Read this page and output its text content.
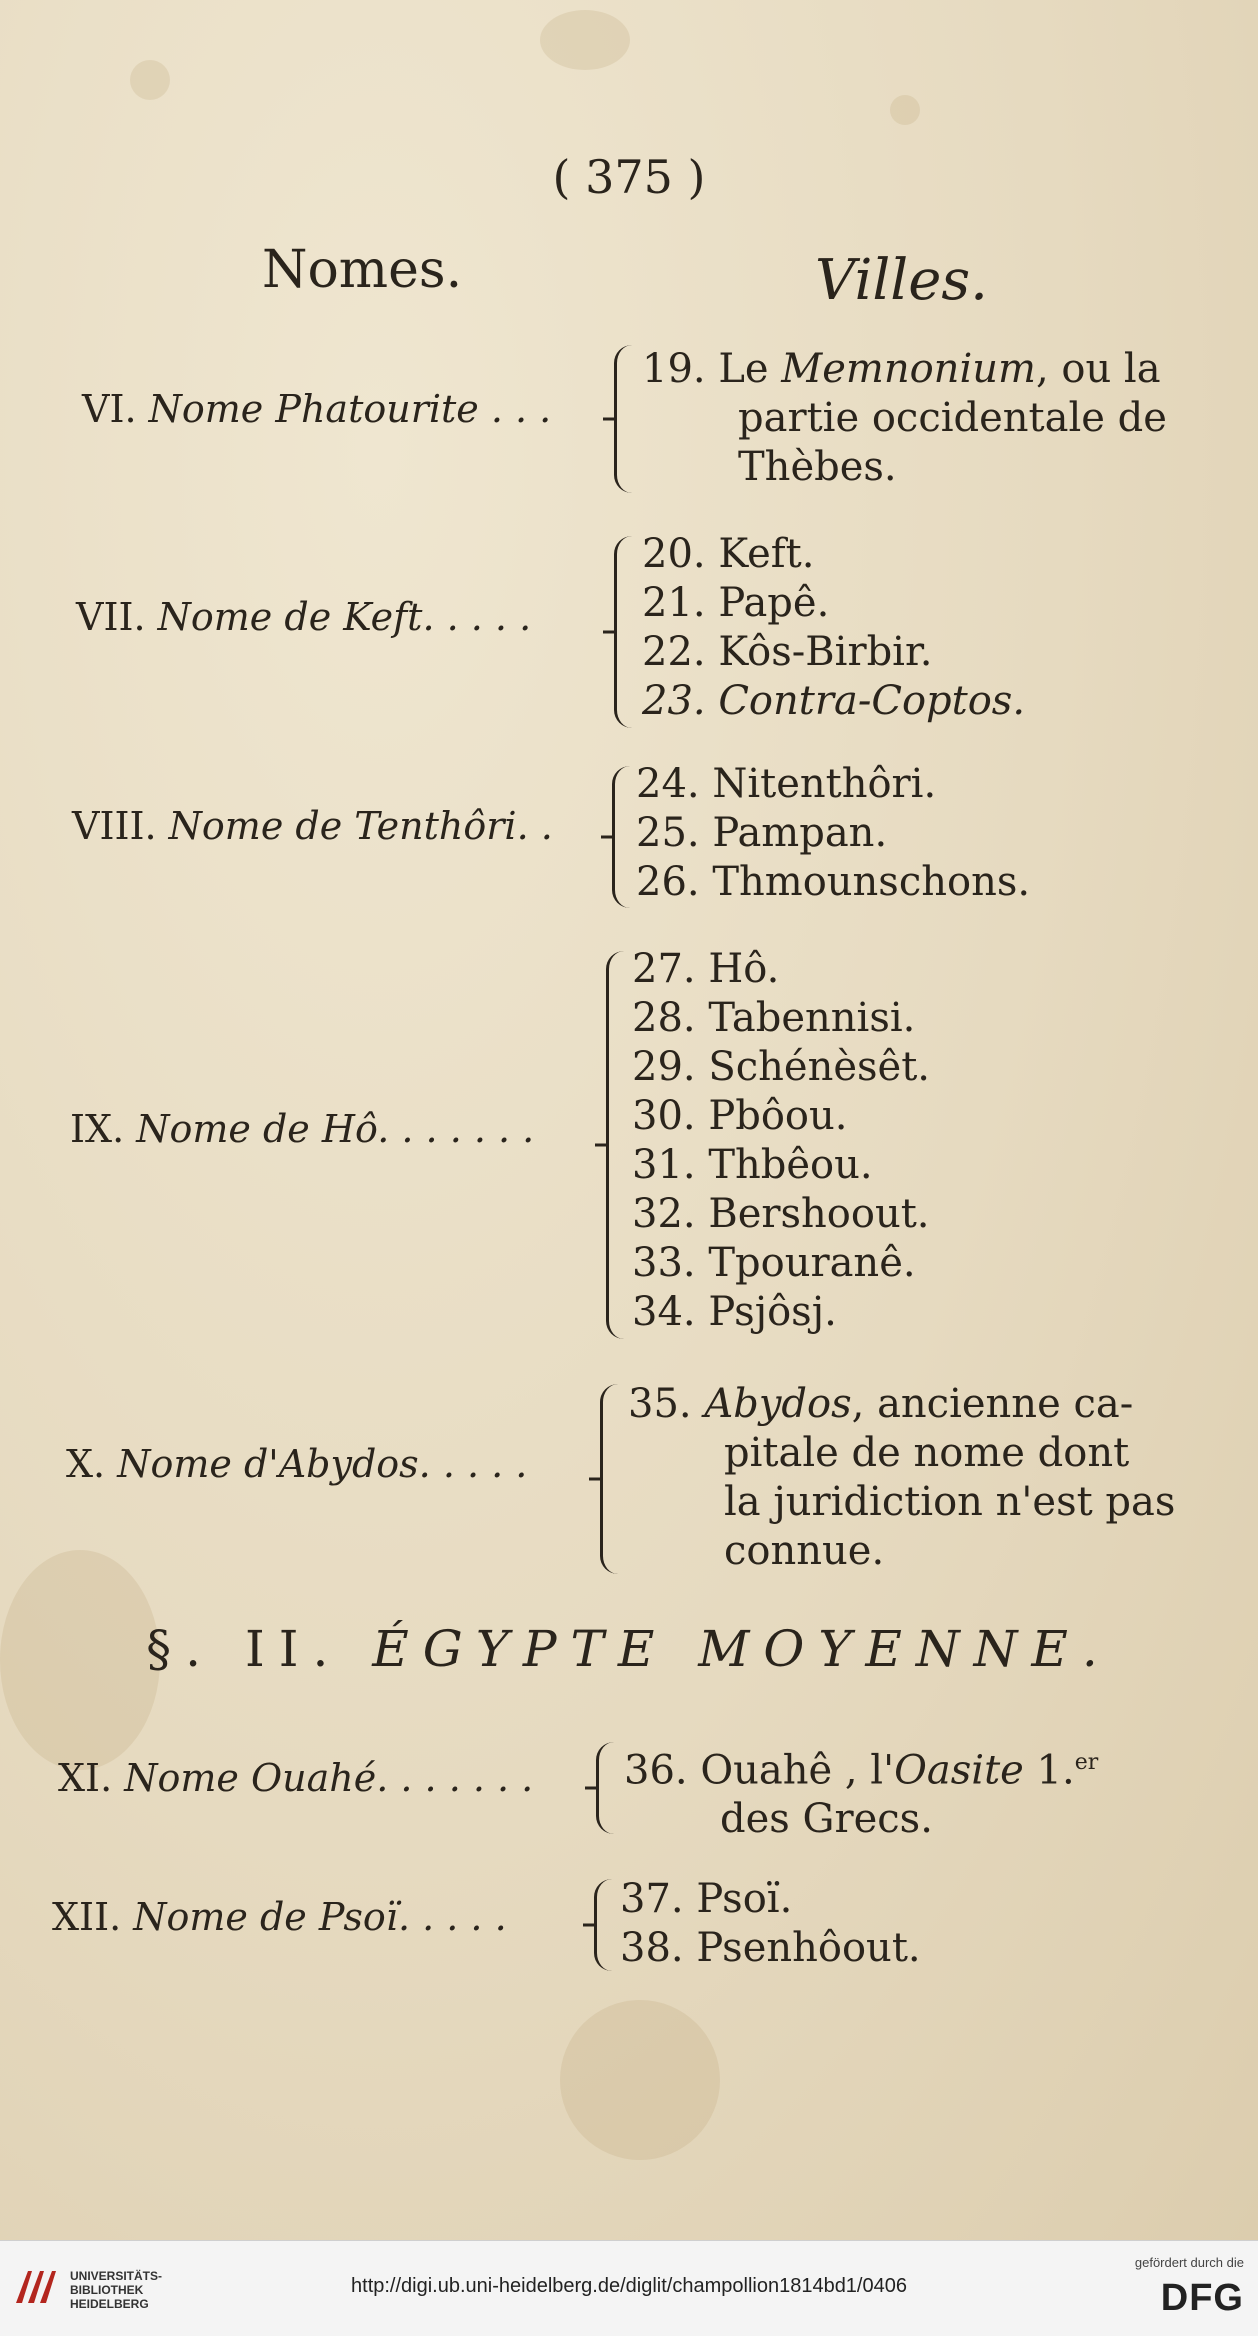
( 375 )
Nomes.	Villes.
VI. Nome Phatourite . . .
19. Le Memnonium, ou la
partie occidentale de
Thèbes.
VII. Nome de Keft. . . . .
20. Keft.
21. Papê.
22. Kôs-Birbir.
23. Contra-Coptos.
VIII. Nome de Tenthôri. .
24. Nitenthôri.
25. Pampan.
26. Thmounschons.
IX. Nome de Hô. . . . . . .
27. Hô.
28. Tabennisi.
29. Schénèsêt.
30. Pbôou.
31. Thbêou.
32. Bershoout.
33. Tpouranê.
34. Psjôsj.
X. Nome d'Abydos. . . . .
35. Abydos, ancienne ca-
pitale de nome dont
la juridiction n'est pas
connue.
§. II. ÉGYPTE MOYENNE.
XI. Nome Ouahé. . . . . . . 36. Ouahê , l'Oasite 1.$^{er}$
des Grecs.
XII. Nome de Psoï. . . . .	37. Psoï.
38. Psenhôout.
UNIVERSITÄTS-
BIBLIOTHEK
HEIDELBERG
http://digi.ub.uni-heidelberg.de/diglit/champollion1814bd1/0406
gefördert durch die
DFG
